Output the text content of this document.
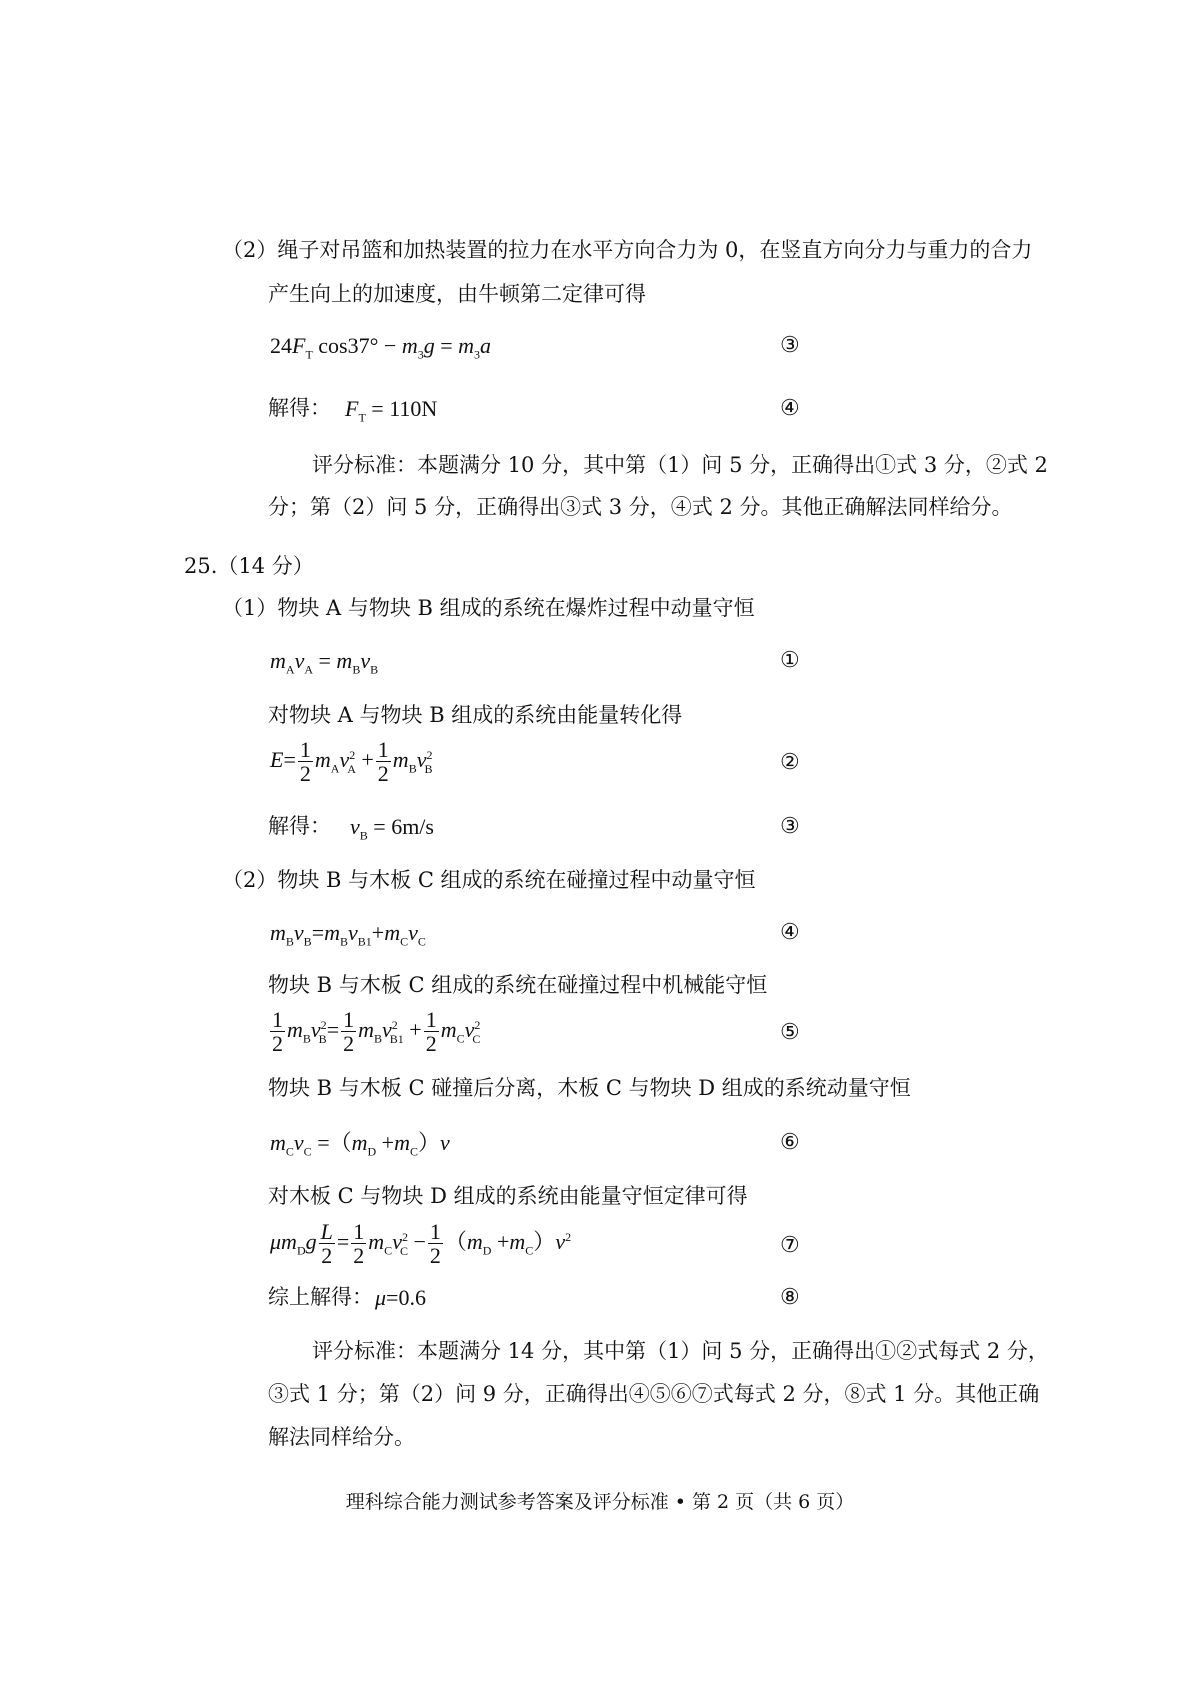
（2）绳子对吊篮和加热装置的拉力在水平方向合力为 0，在竖直方向分力与重力的合力
产生向上的加速度，由牛顿第二定律可得
$24F_T$ $\cos 37^\circ - m_3g = m_3a$	③
解得： $F_T = 110N$	④
评分标准：本题满分 10 分，其中第（1）问 5 分，正确得出①式 3 分，②式 2
分；第（2）问 5 分，正确得出③式 3 分，④式 2 分。其他正确解法同样给分。
25.（14 分）
（1）物块 A 与物块 B 组成的系统在爆炸过程中动量守恒
$m_Av_A = m_Bv_B$	①
对物块 A 与物块 B 组成的系统由能量转化得
$E= \frac{1}{2} m_Av^2_A + \frac{1}{2} m_Bv^2_B$	②
解得： $v_B = 6m/s$	③
（2）物块 B 与木板 C 组成的系统在碰撞过程中动量守恒
$m_Bv_B=m_Bv_{B1}+m_Cv_C$	④
物块 B 与木板 C 组成的系统在碰撞过程中机械能守恒
$\frac{1}{2} m_Bv^2_B= \frac{1}{2} m_Bv^2_{B1} + \frac{1}{2} m_Cv^2_C$	⑤
物块 B 与木板 C 碰撞后分离，木板 C 与物块 D 组成的系统动量守恒
$m_Cv_C =(m_D +m_C)v$	⑥
对木板 C 与物块 D 组成的系统由能量守恒定律可得
$\mu m_Dg \frac{L}{2} = \frac{1}{2} m_Cv^2_C - \frac{1}{2} (m_D +m_C)v^2$	⑦
综上解得： μ=0.6	⑧
评分标准：本题满分 14 分，其中第（1）问 5 分，正确得出①②式每式 2 分，
③式 1 分；第（2）问 9 分，正确得出④⑤⑥⑦式每式 2 分，⑧式 1 分。其他正确
解法同样给分。
理科综合能力测试参考答案及评分标准 • 第 2 页（共 6 页）
